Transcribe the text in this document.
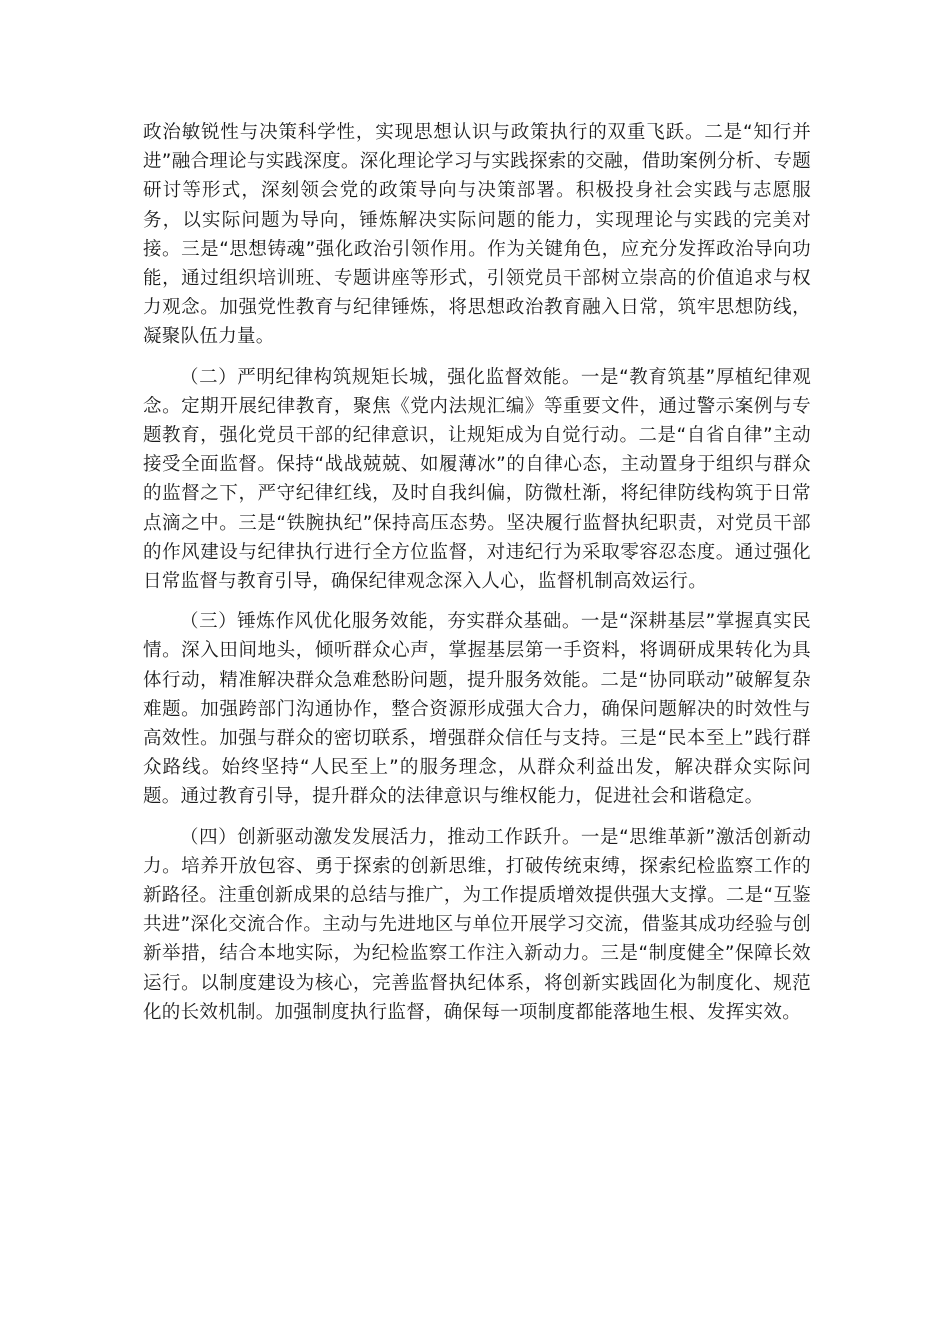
政治敏锐性与决策科学性，实现思想认识与政策执行的双重飞跃。二是“知行并进”融合理论与实践深度。深化理论学习与实践探索的交融，借助案例分析、专题研讨等形式，深刻领会党的政策导向与决策部署。积极投身社会实践与志愿服务，以实际问题为导向，锤炼解决实际问题的能力，实现理论与实践的完美对接。三是“思想铸魂”强化政治引领作用。作为关键角色，应充分发挥政治导向功能，通过组织培训班、专题讲座等形式，引领党员干部树立崇高的价值追求与权力观念。加强党性教育与纪律锤炼，将思想政治教育融入日常，筑牢思想防线，凝聚队伍力量。

（二）严明纪律构筑规矩长城，强化监督效能。一是“教育筑基”厚植纪律观念。定期开展纪律教育，聚焦《党内法规汇编》等重要文件，通过警示案例与专题教育，强化党员干部的纪律意识，让规矩成为自觉行动。二是“自省自律”主动接受全面监督。保持“战战兢兢、如履薄冰”的自律心态，主动置身于组织与群众的监督之下，严守纪律红线，及时自我纠偏，防微杜渐，将纪律防线构筑于日常点滴之中。三是“铁腕执纪”保持高压态势。坚决履行监督执纪职责，对党员干部的作风建设与纪律执行进行全方位监督，对违纪行为采取零容忍态度。通过强化日常监督与教育引导，确保纪律观念深入人心，监督机制高效运行。

（三）锤炼作风优化服务效能，夯实群众基础。一是“深耕基层”掌握真实民情。深入田间地头，倾听群众心声，掌握基层第一手资料，将调研成果转化为具体行动，精准解决群众急难愁盼问题，提升服务效能。二是“协同联动”破解复杂难题。加强跨部门沟通协作，整合资源形成强大合力，确保问题解决的时效性与高效性。加强与群众的密切联系，增强群众信任与支持。三是“民本至上”践行群众路线。始终坚持“人民至上”的服务理念，从群众利益出发，解决群众实际问题。通过教育引导，提升群众的法律意识与维权能力，促进社会和谐稳定。

（四）创新驱动激发发展活力，推动工作跃升。一是“思维革新”激活创新动力。培养开放包容、勇于探索的创新思维，打破传统束缚，探索纪检监察工作的新路径。注重创新成果的总结与推广，为工作提质增效提供强大支撑。二是“互鉴共进”深化交流合作。主动与先进地区与单位开展学习交流，借鉴其成功经验与创新举措，结合本地实际，为纪检监察工作注入新动力。三是“制度健全”保障长效运行。以制度建设为核心，完善监督执纪体系，将创新实践固化为制度化、规范化的长效机制。加强制度执行监督，确保每一项制度都能落地生根、发挥实效。
